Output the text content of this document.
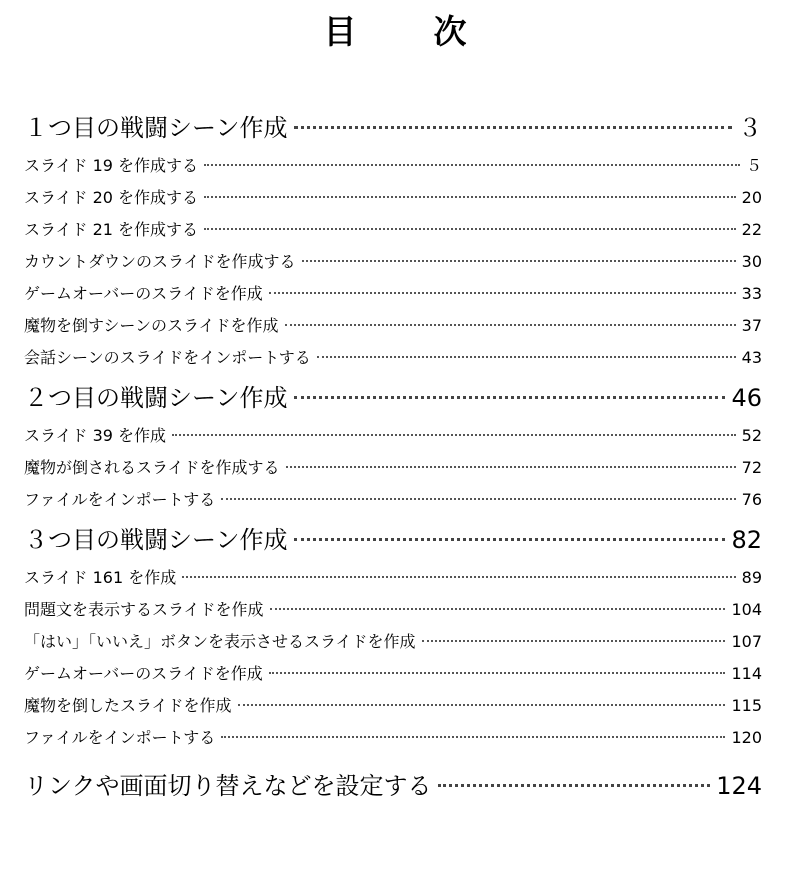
目　次
１つ目の戦闘シーン作成	３
スライド 19 を作成する	５
スライド 20 を作成する	20
スライド 21 を作成する	22
カウントダウンのスライドを作成する	30
ゲームオーバーのスライドを作成	33
魔物を倒すシーンのスライドを作成	37
会話シーンのスライドをインポートする	43
２つ目の戦闘シーン作成	46
スライド 39 を作成	52
魔物が倒されるスライドを作成する	72
ファイルをインポートする	76
３つ目の戦闘シーン作成	82
スライド 161 を作成	89
問題文を表示するスライドを作成	104
「はい」「いいえ」ボタンを表示させるスライドを作成	107
ゲームオーバーのスライドを作成	114
魔物を倒したスライドを作成	115
ファイルをインポートする	120
リンクや画面切り替えなどを設定する	124
